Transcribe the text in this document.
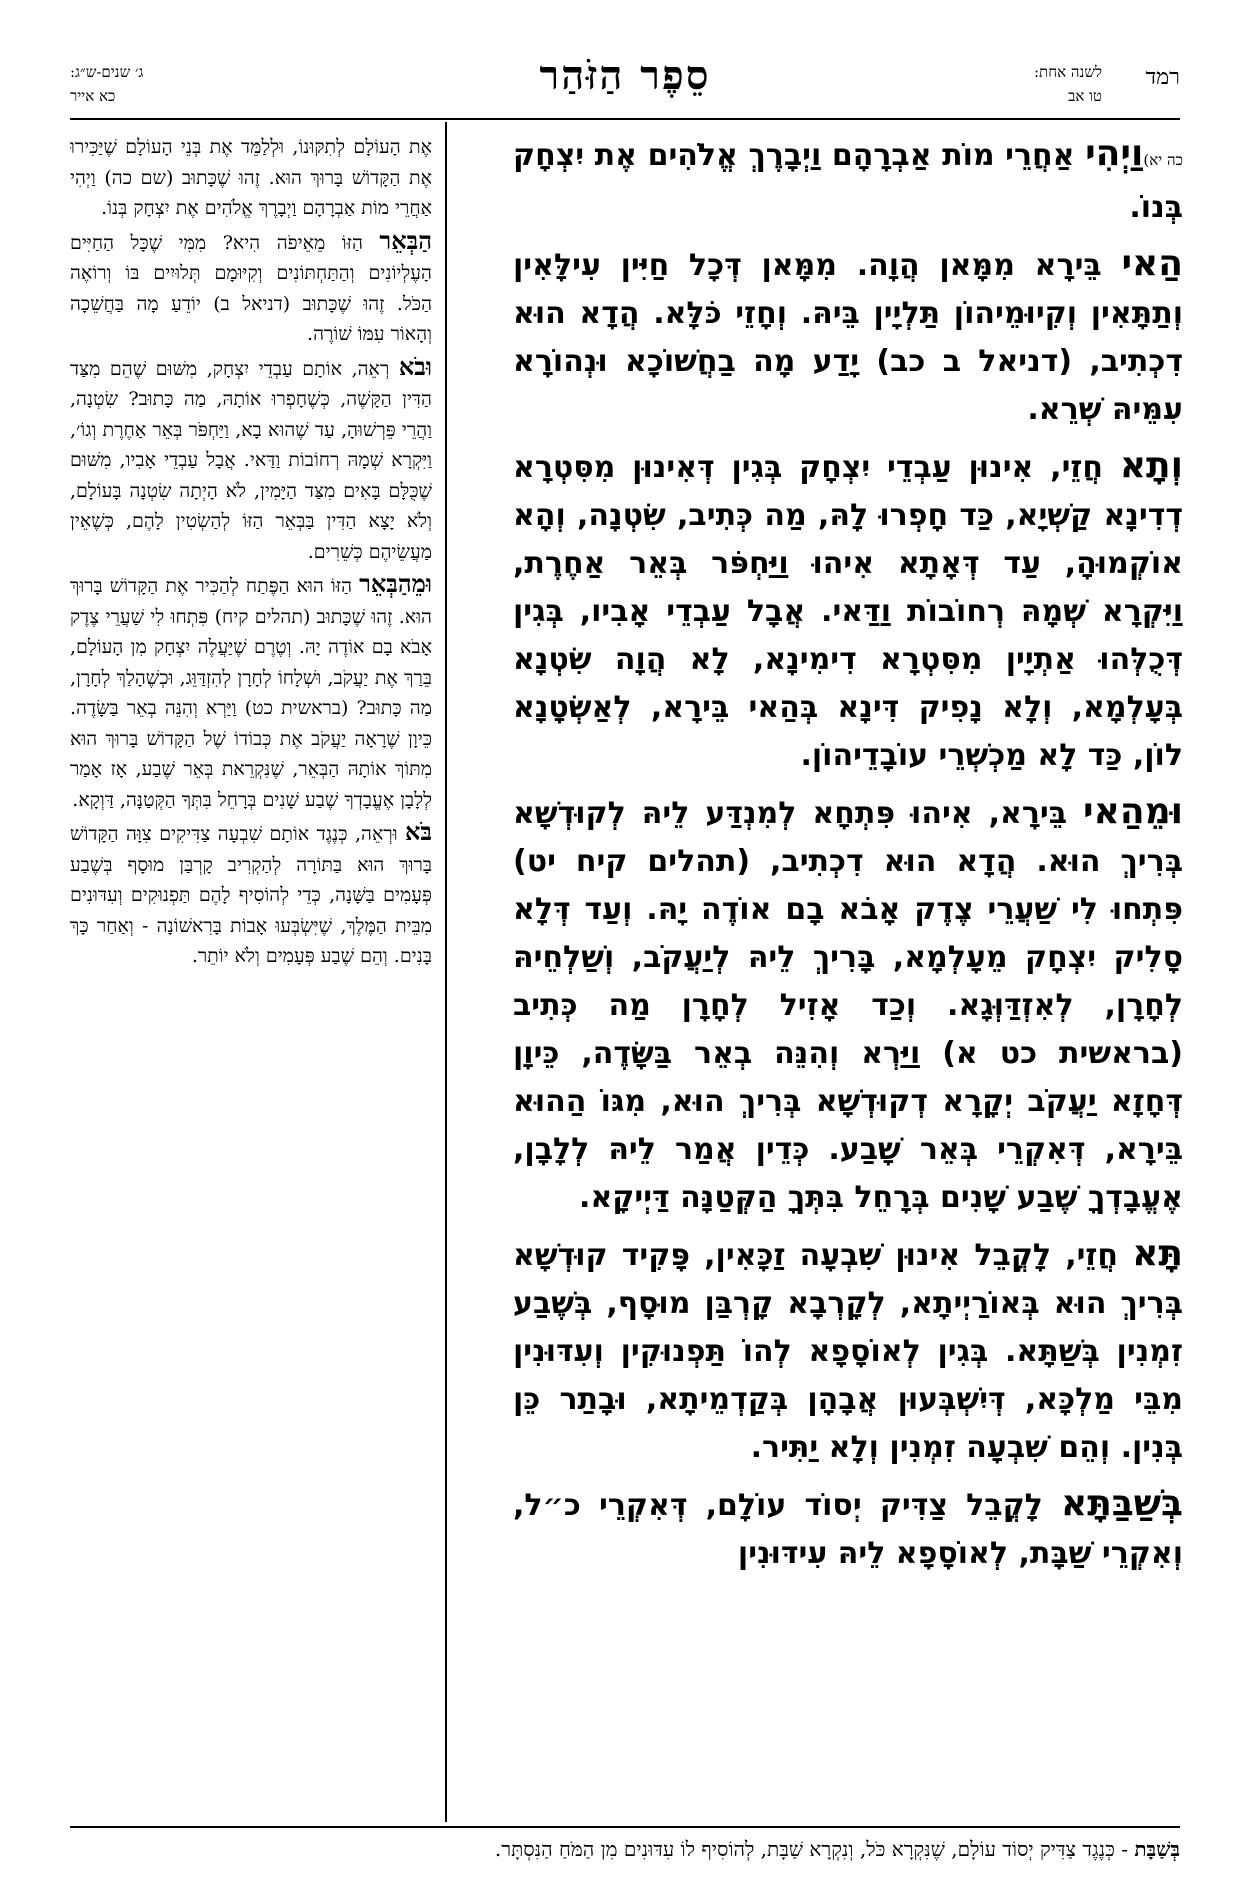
רמד
לשנה אחת:
טו אב
סֵפֶר הַזֹּהַר
ג׳ שנים-ש״ג:
כא אייר

כה יא)וַיְהִי אַחֲרֵי מוֹת אַבְרָהָם וַיְבָרֶךְ אֱלֹהִים אֶת יִצְחָק בְּנוֹ.

הַאי בֵּירָא מִמָּאן הֲוָה. מִמָּאן דְּכָל חַיִּין עִילָּאִין וְתַתָּאִין וְקִיוּמֵיהוֹן תַּלְיָין בֵּיהּ. וְחָזֵי כֹּלָּא. הֲדָא הוּא דִכְתִיב, (דניאל ב כב) יָדַע מָה בַחֲשׁוֹכָא וּנְהוֹרָא עִמֵּיהּ שְׁרֵא.

וְתָא חֲזֵי, אִינוּן עַבְדֵי יִצְחָק בְּגִין דְּאִינוּן מִסִּטְרָא דְדִינָא קַשְׁיָא, כַּד חָפְרוּ לָהּ, מַה כְּתִיב, שִׂטְנָה, וְהָא אוֹקְמוּהָ, עַד דְּאָתָא אִיהוּ וַיַּחְפֹּר בְּאֵר אַחֶרֶת, וַיִּקְרָא שְׁמָהּ רְחוֹבוֹת וַדַּאי. אֲבָל עַבְדֵי אָבִיו, בְּגִין דְּכֻלְּהוּ אַתְיָין מִסִּטְרָא דִימִינָא, לָא הֲוָה שִׂטְנָא בְּעָלְמָא, וְלָא נָפִיק דִּינָא בְּהַאי בֵּירָא, לְאַשְׂטָנָא לוֹן, כַּד לָא מַכְשְׁרֵי עוֹבָדֵיהוֹן.

וּמֵהַאי בֵּירָא, אִיהוּ פִּתְחָא לְמִנְדַּע לֵיהּ לְקוּדְשָׁא בְּרִיךְ הוּא. הֲדָא הוּא דִכְתִיב, (תהלים קיח יט) פִּתְחוּ לִי שַׁעֲרֵי צֶדֶק אָבֹא בָם אוֹדֶה יָהּ. וְעַד דְּלָא סָלִיק יִצְחָק מֵעָלְמָא, בָּרִיךְ לֵיהּ לְיַעֲקֹב, וְשַׁלְחֵיהּ לְחָרָן, לְאִזְדַּוְּגָא. וְכַד אָזִיל לְחָרָן מַה כְּתִיב (בראשית כט א) וַיַּרְא וְהִנֵּה בְאֵר בַּשָּׂדֶה, כֵּיוָן דְּחָזָא יַעֲקֹב יְקָרָא דְקוּדְשָׁא בְּרִיךְ הוּא, מִגּוֹ הַהוּא בֵּירָא, דְּאִקְרֵי בְּאֵר שָׁבַע. כְּדֵין אֲמַר לֵיהּ לְלָבָן, אֶעֱבָדְךָ שֶׁבַע שָׁנִים בְּרָחֵל בִּתְּךָ הַקְּטַנָּה דַּיְיקָא.

תָּא חֲזֵי, לָקֳבֵל אִינוּן שִׁבְעָה זַכָּאִין, פָּקִיד קוּדְשָׁא בְּרִיךְ הוּא בְּאוֹרַיְיתָא, לְקָרְבָא קָרְבַּן מוּסָף, בְּשֶׁבַע זִמְנִין בְּשַׁתָּא. בְּגִין לְאוֹסָפָא לְהוֹ תַּפְנוּקִין וְעִדּוּנִין מִבֵּי מַלְכָּא, דְּיִשְׁבְּעוּן אֲבָהָן בְּקַדְמֵיתָא, וּבָתַר כֵּן בְּנִין. וְהֵם שִׁבְעָה זִמְנִין וְלָא יַתִּיר.

בְּשַׁבַּתָּא לָקֳבֵל צַדִּיק יְסוֹד עוֹלָם, דְּאִקְרֵי כ״ל, וְאִקְרֵי שַׁבָּת, לְאוֹסָפָא לֵיהּ עִידּוּנִין

אֶת הָעוֹלָם לְתִקּוּנוֹ, וּלְלַמֵּד אֶת בְּנֵי הָעוֹלָם שֶׁיַּכִּירוּ אֶת הַקָּדוֹשׁ בָּרוּךְ הוּא. זֶהוּ שֶׁכָּתוּב (שם כה) וַיְהִי אַחֲרֵי מוֹת אַבְרָהָם וַיְבָרֶךְ אֱלֹהִים אֶת יִצְחָק בְּנוֹ.

הַבְּאֵר הַזּוֹ מֵאֵיפֹה הִיא? מִמִּי שֶׁכָּל הַחַיִּים הָעֶלְיוֹנִים וְהַתַּחְתּוֹנִים וְקִיּוּמָם תְּלוּיִים בּוֹ וְרוֹאֶה הַכֹּל. זֶהוּ שֶׁכָּתוּב (דניאל ב) יוֹדֵעַ מָה בַּחֲשֵׁכָה וְהָאוֹר עִמּוֹ שׁוֹרֶה.

וּבֹא רְאֵה, אוֹתָם עַבְדֵי יִצְחָק, מִשּׁוּם שֶׁהֵם מִצַּד הַדִּין הַקָּשֶׁה, כְּשֶׁחָפְרוּ אוֹתָהּ, מַה כָּתוּב? שִׂטְנָה, וַהֲרֵי פֵּרְשׁוּהָ, עַד שֶׁהוּא בָא, וַיַּחְפֹּר בְּאֵר אַחֶרֶת וְגוֹ׳, וַיִּקְרָא שְׁמָהּ רְחוֹבוֹת וַדַּאי. אֲבָל עַבְדֵי אָבִיו, מִשּׁוּם שֶׁכֻּלָּם בָּאִים מִצַּד הַיָּמִין, לֹא הָיְתָה שִׂטְנָה בָּעוֹלָם, וְלֹא יָצָא הַדִּין בַּבְּאֵר הַזּוֹ לְהַשְׂטִין לָהֶם, כְּשֶׁאֵין מַעֲשֵׂיהֶם כְּשֵׁרִים.

וּמֵהַבְּאֵר הַזּוֹ הוּא הַפֶּתַח לְהַכִּיר אֶת הַקָּדוֹשׁ בָּרוּךְ הוּא. זֶהוּ שֶׁכָּתוּב (תהלים קיח) פִּתְחוּ לִי שַׁעֲרֵי צֶדֶק אָבֹא בָם אוֹדֶה יָהּ. וְטֶרֶם שֶׁיַּעֲלֶה יִצְחָק מִן הָעוֹלָם, בֵּרַךְ אֶת יַעֲקֹב, וּשְׁלָחוֹ לְחָרָן לְהִזְדַּוֵּג, וּכְשֶׁהָלַךְ לְחָרָן, מַה כָּתוּב? (בראשית כט) וַיַּרְא וְהִנֵּה בְאֵר בַּשָּׂדֶה. כֵּיוָן שֶׁרָאָה יַעֲקֹב אֶת כְּבוֹדוֹ שֶׁל הַקָּדוֹשׁ בָּרוּךְ הוּא מִתּוֹךְ אוֹתָהּ הַבְּאֵר, שֶׁנִּקְרֵאת בְּאֵר שֶׁבַע, אָז אָמַר לְלָבָן אֶעֱבָדְךָ שֶׁבַע שָׁנִים בְּרָחֵל בִּתְּךָ הַקְּטַנָּה, דַּוְקָא.

בֹּא וּרְאֵה, כְּנֶגֶד אוֹתָם שִׁבְעָה צַדִּיקִים צִוָּה הַקָּדוֹשׁ בָּרוּךְ הוּא בַּתּוֹרָה לְהַקְרִיב קָרְבַּן מוּסָף בְּשֶׁבַע פְּעָמִים בַּשָּׁנָה, כְּדֵי לְהוֹסִיף לָהֶם תַּפְנוּקִים וְעִדּוּנִים מִבֵּית הַמֶּלֶךְ, שֶׁיִּשְׂבְּעוּ אָבוֹת בָּרִאשׁוֹנָה - וְאַחַר כָּךְ בָּנִים. וְהֵם שֶׁבַע פְּעָמִים וְלֹא יוֹתֵר.

בְּשַׁבָּת - כְּנֶגֶד צַדִּיק יְסוֹד עוֹלָם, שֶׁנִּקְרָא כֹּל, וְנִקְרָא שַׁבָּת, לְהוֹסִיף לוֹ עִדּוּנִים מִן הַמֹּחַ הַנִּסְתָּר.
